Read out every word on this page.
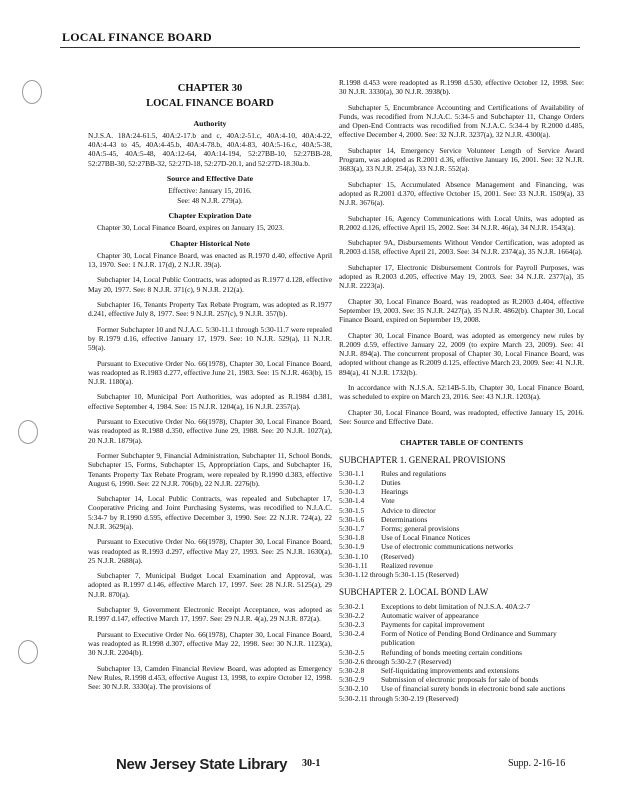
LOCAL FINANCE BOARD
CHAPTER 30
LOCAL FINANCE BOARD
Authority

N.J.S.A. 18A:24-61.5, 40A:2-17.b and c, 40A:2-51.c, 40A:4-10, 40A:4-22, 40A:4-43 to 45, 40A:4-45.b, 40A:4-78.b, 40A:4-83, 40A:5-16.c, 40A:5-38, 40A:5-45, 40A:5-48, 40A:12-64, 40A:14-194, 52:27BB-10, 52:27BB-28, 52:27BB-30, 52:27BB-32, 52:27D-18, 52:27D-20.1, and 52:27D-18.30a.b.

Source and Effective Date

Effective: January 15, 2016.

See: 48 N.J.R. 279(a).

Chapter Expiration Date

Chapter 30, Local Finance Board, expires on January 15, 2023.

Chapter Historical Note

Chapter 30, Local Finance Board, was enacted as R.1970 d.40, effective April 13, 1970. See: 1 N.J.R. 17(d), 2 N.J.R. 39(a).

Subchapter 14, Local Public Contracts, was adopted as R.1977 d.128, effective May 20, 1977. See: 8 N.J.R. 371(c), 9 N.J.R. 212(a).

Subchapter 16, Tenants Property Tax Rebate Program, was adopted as R.1977 d.241, effective July 8, 1977. See: 9 N.J.R. 257(c), 9 N.J.R. 357(b).

Former Subchapter 10 and N.J.A.C. 5:30-11.1 through 5:30-11.7 were repealed by R.1979 d.16, effective January 17, 1979. See: 10 N.J.R. 529(a), 11 N.J.R. 59(a).

Pursuant to Executive Order No. 66(1978), Chapter 30, Local Finance Board, was readopted as R.1983 d.277, effective June 21, 1983. See: 15 N.J.R. 463(b), 15 N.J.R. 1180(a).

Subchapter 10, Municipal Port Authorities, was adopted as R.1984 d.381, effective September 4, 1984. See: 15 N.J.R. 1204(a), 16 N.J.R. 2357(a).

Pursuant to Executive Order No. 66(1978), Chapter 30, Local Finance Board, was readopted as R.1988 d.350, effective June 29, 1988. See: 20 N.J.R. 1027(a), 20 N.J.R. 1879(a).

Former Subchapter 9, Financial Administration, Subchapter 11, School Bonds, Subchapter 15, Forms, Subchapter 15, Appropriation Caps, and Subchapter 16, Tenants Property Tax Rebate Program, were repealed by R.1990 d.383, effective August 6, 1990. See: 22 N.J.R. 706(b), 22 N.J.R. 2276(b).

Subchapter 14, Local Public Contracts, was repealed and Subchapter 17, Cooperative Pricing and Joint Purchasing Systems, was recodified to N.J.A.C. 5:34-7 by R.1990 d.595, effective December 3, 1990. See: 22 N.J.R. 724(a), 22 N.J.R. 3629(a).

Pursuant to Executive Order No. 66(1978), Chapter 30, Local Finance Board, was readopted as R.1993 d.297, effective May 27, 1993. See: 25 N.J.R. 1630(a), 25 N.J.R. 2688(a).

Subchapter 7, Municipal Budget Local Examination and Approval, was adopted as R.1997 d.146, effective March 17, 1997. See: 28 N.J.R. 5125(a), 29 N.J.R. 870(a).

Subchapter 9, Government Electronic Receipt Acceptance, was adopted as R.1997 d.147, effective March 17, 1997. See: 29 N.J.R. 4(a), 29 N.J.R. 872(a).

Pursuant to Executive Order No. 66(1978), Chapter 30, Local Finance Board, was readopted as R.1998 d.307, effective May 22, 1998. See: 30 N.J.R. 1123(a), 30 N.J.R. 2204(b).

Subchapter 13, Camden Financial Review Board, was adopted as Emergency New Rules, R.1998 d.453, effective August 13, 1998, to expire October 12, 1998. See: 30 N.J.R. 3330(a). The provisions of

R.1998 d.453 were readopted as R.1998 d.530, effective October 12, 1998. See: 30 N.J.R. 3330(a), 30 N.J.R. 3938(b).

Subchapter 5, Encumbrance Accounting and Certifications of Availability of Funds, was recodified from N.J.A.C. 5:34-5 and Subchapter 11, Change Orders and Open-End Contracts was recodified from N.J.A.C. 5:34-4 by R.2000 d.485, effective December 4, 2000. See: 32 N.J.R. 3237(a), 32 N.J.R. 4300(a).

Subchapter 14, Emergency Service Volunteer Length of Service Award Program, was adopted as R.2001 d.36, effective January 16, 2001. See: 32 N.J.R. 3683(a), 33 N.J.R. 254(a), 33 N.J.R. 552(a).

Subchapter 15, Accumulated Absence Management and Financing, was adopted as R.2001 d.370, effective October 15, 2001. See: 33 N.J.R. 1509(a), 33 N.J.R. 3676(a).

Subchapter 16, Agency Communications with Local Units, was adopted as R.2002 d.126, effective April 15, 2002. See: 34 N.J.R. 46(a), 34 N.J.R. 1543(a).

Subchapter 9A, Disbursements Without Vendor Certification, was adopted as R.2003 d.158, effective April 21, 2003. See: 34 N.J.R. 2374(a), 35 N.J.R. 1664(a).

Subchapter 17, Electronic Disbursement Controls for Payroll Purposes, was adopted as R.2003 d.205, effective May 19, 2003. See: 34 N.J.R. 2377(a), 35 N.J.R. 2223(a).

Chapter 30, Local Finance Board, was readopted as R.2003 d.404, effective September 19, 2003. See: 35 N.J.R. 2427(a), 35 N.J.R. 4862(b). Chapter 30, Local Finance Board, expired on September 19, 2008.

Chapter 30, Local Finance Board, was adopted as emergency new rules by R.2009 d.59, effective January 22, 2009 (to expire March 23, 2009). See: 41 N.J.R. 894(a). The concurrent proposal of Chapter 30, Local Finance Board, was adopted without change as R.2009 d.125, effective March 23, 2009. See: 41 N.J.R. 894(a), 41 N.J.R. 1732(b).

In accordance with N.J.S.A. 52:14B-5.1b, Chapter 30, Local Finance Board, was scheduled to expire on March 23, 2016. See: 43 N.J.R. 1203(a).

Chapter 30, Local Finance Board, was readopted, effective January 15, 2016. See: Source and Effective Date.

CHAPTER TABLE OF CONTENTS
SUBCHAPTER 1. GENERAL PROVISIONS
5:30-1.1	Rules and regulations
5:30-1.2	Duties
5:30-1.3	Hearings
5:30-1.4	Vote
5:30-1.5	Advice to director
5:30-1.6	Determinations
5:30-1.7	Forms; general provisions
5:30-1.8	Use of Local Finance Notices
5:30-1.9	Use of electronic communications networks
5:30-1.10	(Reserved)
5:30-1.11	Realized revenue
5:30-1.12 through 5:30-1.15 (Reserved)
SUBCHAPTER 2. LOCAL BOND LAW
5:30-2.1	Exceptions to debt limitation of N.J.S.A. 40A:2-7
5:30-2.2	Automatic waiver of appearance
5:30-2.3	Payments for capital improvement
5:30-2.4	Form of Notice of Pending Bond Ordinance and Summary publication
5:30-2.5	Refunding of bonds meeting certain conditions
5:30-2.6 through 5:30-2.7 (Reserved)
5:30-2.8	Self-liquidating improvements and extensions
5:30-2.9	Submission of electronic proposals for sale of bonds
5:30-2.10	Use of financial surety bonds in electronic bond sale auctions
5:30-2.11 through 5:30-2.19 (Reserved)
New Jersey State Library 30-1	Supp. 2-16-16
